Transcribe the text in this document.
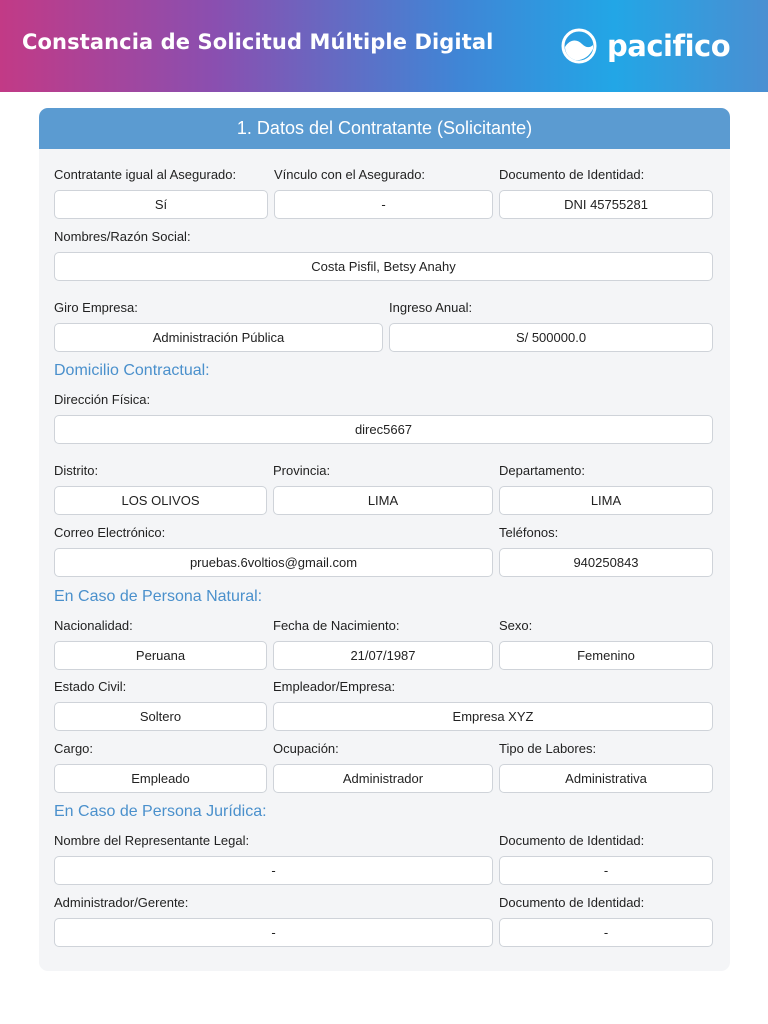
Constancia de Solicitud Múltiple Digital	pacifico
1. Datos del Contratante (Solicitante)
Contratante igual al Asegurado:	Vínculo con el Asegurado:	Documento de Identidad:
Sí	-	DNI 45755281
Nombres/Razón Social:
Costa Pisfil, Betsy Anahy
Giro Empresa:	Ingreso Anual:
Administración Pública	S/ 500000.0
Domicilio Contractual:
Dirección Física:
direc5667
Distrito:	Provincia:	Departamento:
LOS OLIVOS	LIMA	LIMA
Correo Electrónico:	Teléfonos:
pruebas.6voltios@gmail.com	940250843
En Caso de Persona Natural:
Nacionalidad:	Fecha de Nacimiento:	Sexo:
Peruana	21/07/1987	Femenino
Estado Civil:	Empleador/Empresa:
Soltero	Empresa XYZ
Cargo:	Ocupación:	Tipo de Labores:
Empleado	Administrador	Administrativa
En Caso de Persona Jurídica:
Nombre del Representante Legal:	Documento de Identidad:
-	-
Administrador/Gerente:	Documento de Identidad:
-	-
